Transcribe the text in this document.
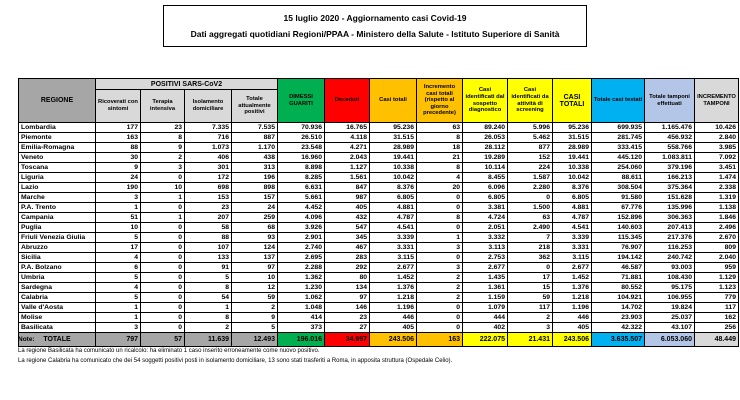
15 luglio 2020 - Aggiornamento casi Covid-19
Dati aggregati quotidiani Regioni/PPAA - Ministero della Salute - Istituto Superiore di Sanità
REGIONE	POSITIVI SARS-CoV2				DIMESSI GUARITI	Deceduti	Casi totali	Incremento casi totali (rispetto al giorno precedente)	Casi identificati dal sospetto diagnostico	Casi identificati da attività di screening	CASI TOTALI	Totale casi testati	Totale tamponi effettuati	INCREMENTO TAMPONI
	Ricoverati con sintomi	Terapia intensiva	Isolamento domiciliare	Totale attualmente positivi										
Lombardia	177	23	7.335	7.535	70.936	16.765	95.236	63	89.240	5.996	95.236	699.935	1.165.476	10.426
Piemonte	163	8	716	887	26.510	4.118	31.515	8	26.053	5.462	31.515	281.745	456.932	2.840
Emilia-Romagna	88	9	1.073	1.170	23.548	4.271	28.989	18	28.112	877	28.989	333.415	558.766	3.985
Veneto	30	2	406	438	16.960	2.043	19.441	21	19.289	152	19.441	445.120	1.083.811	7.092
Toscana	9	3	301	313	8.898	1.127	10.338	8	10.114	224	10.338	254.060	379.196	3.451
Liguria	24	0	172	196	8.285	1.561	10.042	4	8.455	1.587	10.042	88.611	166.213	1.474
Lazio	190	10	698	898	6.631	847	8.376	20	6.096	2.280	8.376	308.504	375.364	2.338
Marche	3	1	153	157	5.661	987	6.805	0	6.805	0	6.805	91.580	151.628	1.319
P.A. Trento	1	0	23	24	4.452	405	4.881	0	3.381	1.500	4.881	67.776	135.996	1.138
Campania	51	1	207	259	4.096	432	4.787	8	4.724	63	4.787	152.896	306.363	1.846
Puglia	10	0	58	68	3.926	547	4.541	0	2.051	2.490	4.541	140.603	207.413	2.496
Friuli Venezia Giulia	5	0	88	93	2.901	345	3.339	1	3.332	7	3.339	115.345	217.376	2.670
Abruzzo	17	0	107	124	2.740	467	3.331	3	3.113	218	3.331	76.907	116.253	809
Sicilia	4	0	133	137	2.695	283	3.115	0	2.753	362	3.115	194.142	240.742	2.040
P.A. Bolzano	6	0	91	97	2.288	292	2.677	3	2.677	0	2.677	46.587	93.003	959
Umbria	5	0	5	10	1.362	80	1.452	2	1.435	17	1.452	71.881	108.430	1.129
Sardegna	4	0	8	12	1.230	134	1.376	2	1.361	15	1.376	80.552	95.175	1.123
Calabria	5	0	54	59	1.062	97	1.218	2	1.159	59	1.218	104.921	106.955	779
Valle d'Aosta	1	0	1	2	1.048	146	1.196	0	1.079	117	1.196	14.702	19.824	117
Molise	1	0	8	9	414	23	446	0	444	2	446	23.903	25.037	162
Basilicata	3	0	2	5	373	27	405	0	402	3	405	42.322	43.107	256
TOTALE	797	57	11.639	12.493	196.016	34.997	243.506	163	222.075	21.431	243.506	3.635.507	6.053.060	48.449
Note:
La regione Basilicata ha comunicato un ricalcolo: ha eliminato 1 caso inserito erroneamente come nuovo positivo.
La regione Calabria ha comunicato che dei 54 soggetti positivi posti in isolamento domiciliare, 13 sono stati trasferiti a Roma, in apposita struttura (Ospedale Celio).
